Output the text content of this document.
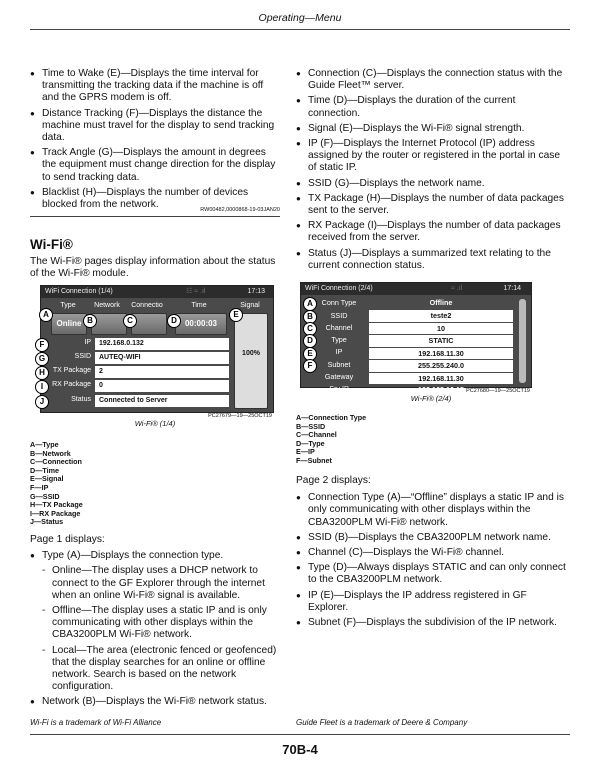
Operating—Menu
● Time to Wake (E)—Displays the time interval for transmitting the tracking data if the machine is off and the GPRS modem is off.
● Distance Tracking (F)—Displays the distance the machine must travel for the display to send tracking data.
● Track Angle (G)—Displays the amount in degrees the equipment must change direction for the display to send tracking data.
● Blacklist (H)—Displays the number of devices blocked from the network.	RW00482,0000868-19-03JAN20
Wi-Fi®
The Wi-Fi® pages display information about the status of the Wi-Fi® module.
WiFi Connection (1/4)	☷ ≈ .ıl	17:13
Type	Network	Connectio	Time	Signal
Online	00:00:03
100%
IP	192.168.0.132
SSID	AUTEQ-WIFI
TX Package	2
RX Package	0
Status	Connected to Server
A
B	C	D
E
F
G
H
I
J
PC27679—19—25OCT19
Wi-Fi® (1/4)
A—Type
B—Network
C—Connection
D—Time
E—Signal
F—IP
G—SSID
H—TX Package
I—RX Package
J—Status
Page 1 displays:
● Type (A)—Displays the connection type.
- Online—The display uses a DHCP network to connect to the GF Explorer through the internet when an online Wi-Fi® signal is available.
- Offline—The display uses a static IP and is only communicating with other displays within the CBA3200PLM Wi-Fi® network.
- Local—The area (electronic fenced or geofenced) that the display searches for an online or offline network. Search is based on the network configuration.
● Network (B)—Displays the Wi-Fi® network status.
● Connection (C)—Displays the connection status with the Guide Fleet™ server.
● Time (D)—Displays the duration of the current connection.
● Signal (E)—Displays the Wi-Fi® signal strength.
● IP (F)—Displays the Internet Protocol (IP) address assigned by the router or registered in the portal in case of static IP.
● SSID (G)—Displays the network name.
● TX Package (H)—Displays the number of data packages sent to the server.
● RX Package (I)—Displays the number of data packages received from the server.
● Status (J)—Displays a summarized text relating to the current connection status.
WiFi Connection (2/4)	≈ .ıl	17:14
Conn Type	Offline
SSID	teste2
Channel	10
Type	STATIC
IP	192.168.11.30
Subnet	255.255.240.0
Gateway	192.168.11.30
Srv IP	192.168.10.15
A
B
C
D
E
F
PC27680—19—25OCT19
Wi-Fi® (2/4)
A—Connection Type
B—SSID
C—Channel
D—Type
E—IP
F—Subnet
Page 2 displays:
● Connection Type (A)—“Offline” displays a static IP and is only communicating with other displays within the CBA3200PLM Wi-Fi® network.
● SSID (B)—Displays the CBA3200PLM network name.
● Channel (C)—Displays the Wi-Fi® channel.
● Type (D)—Always displays STATIC and can only connect to the CBA3200PLM network.
● IP (E)—Displays the IP address registered in GF Explorer.
● Subnet (F)—Displays the subdivision of the IP network.
Wi-Fi is a trademark of Wi-Fi Alliance	Guide Fleet is a trademark of Deere & Company
70B-4
